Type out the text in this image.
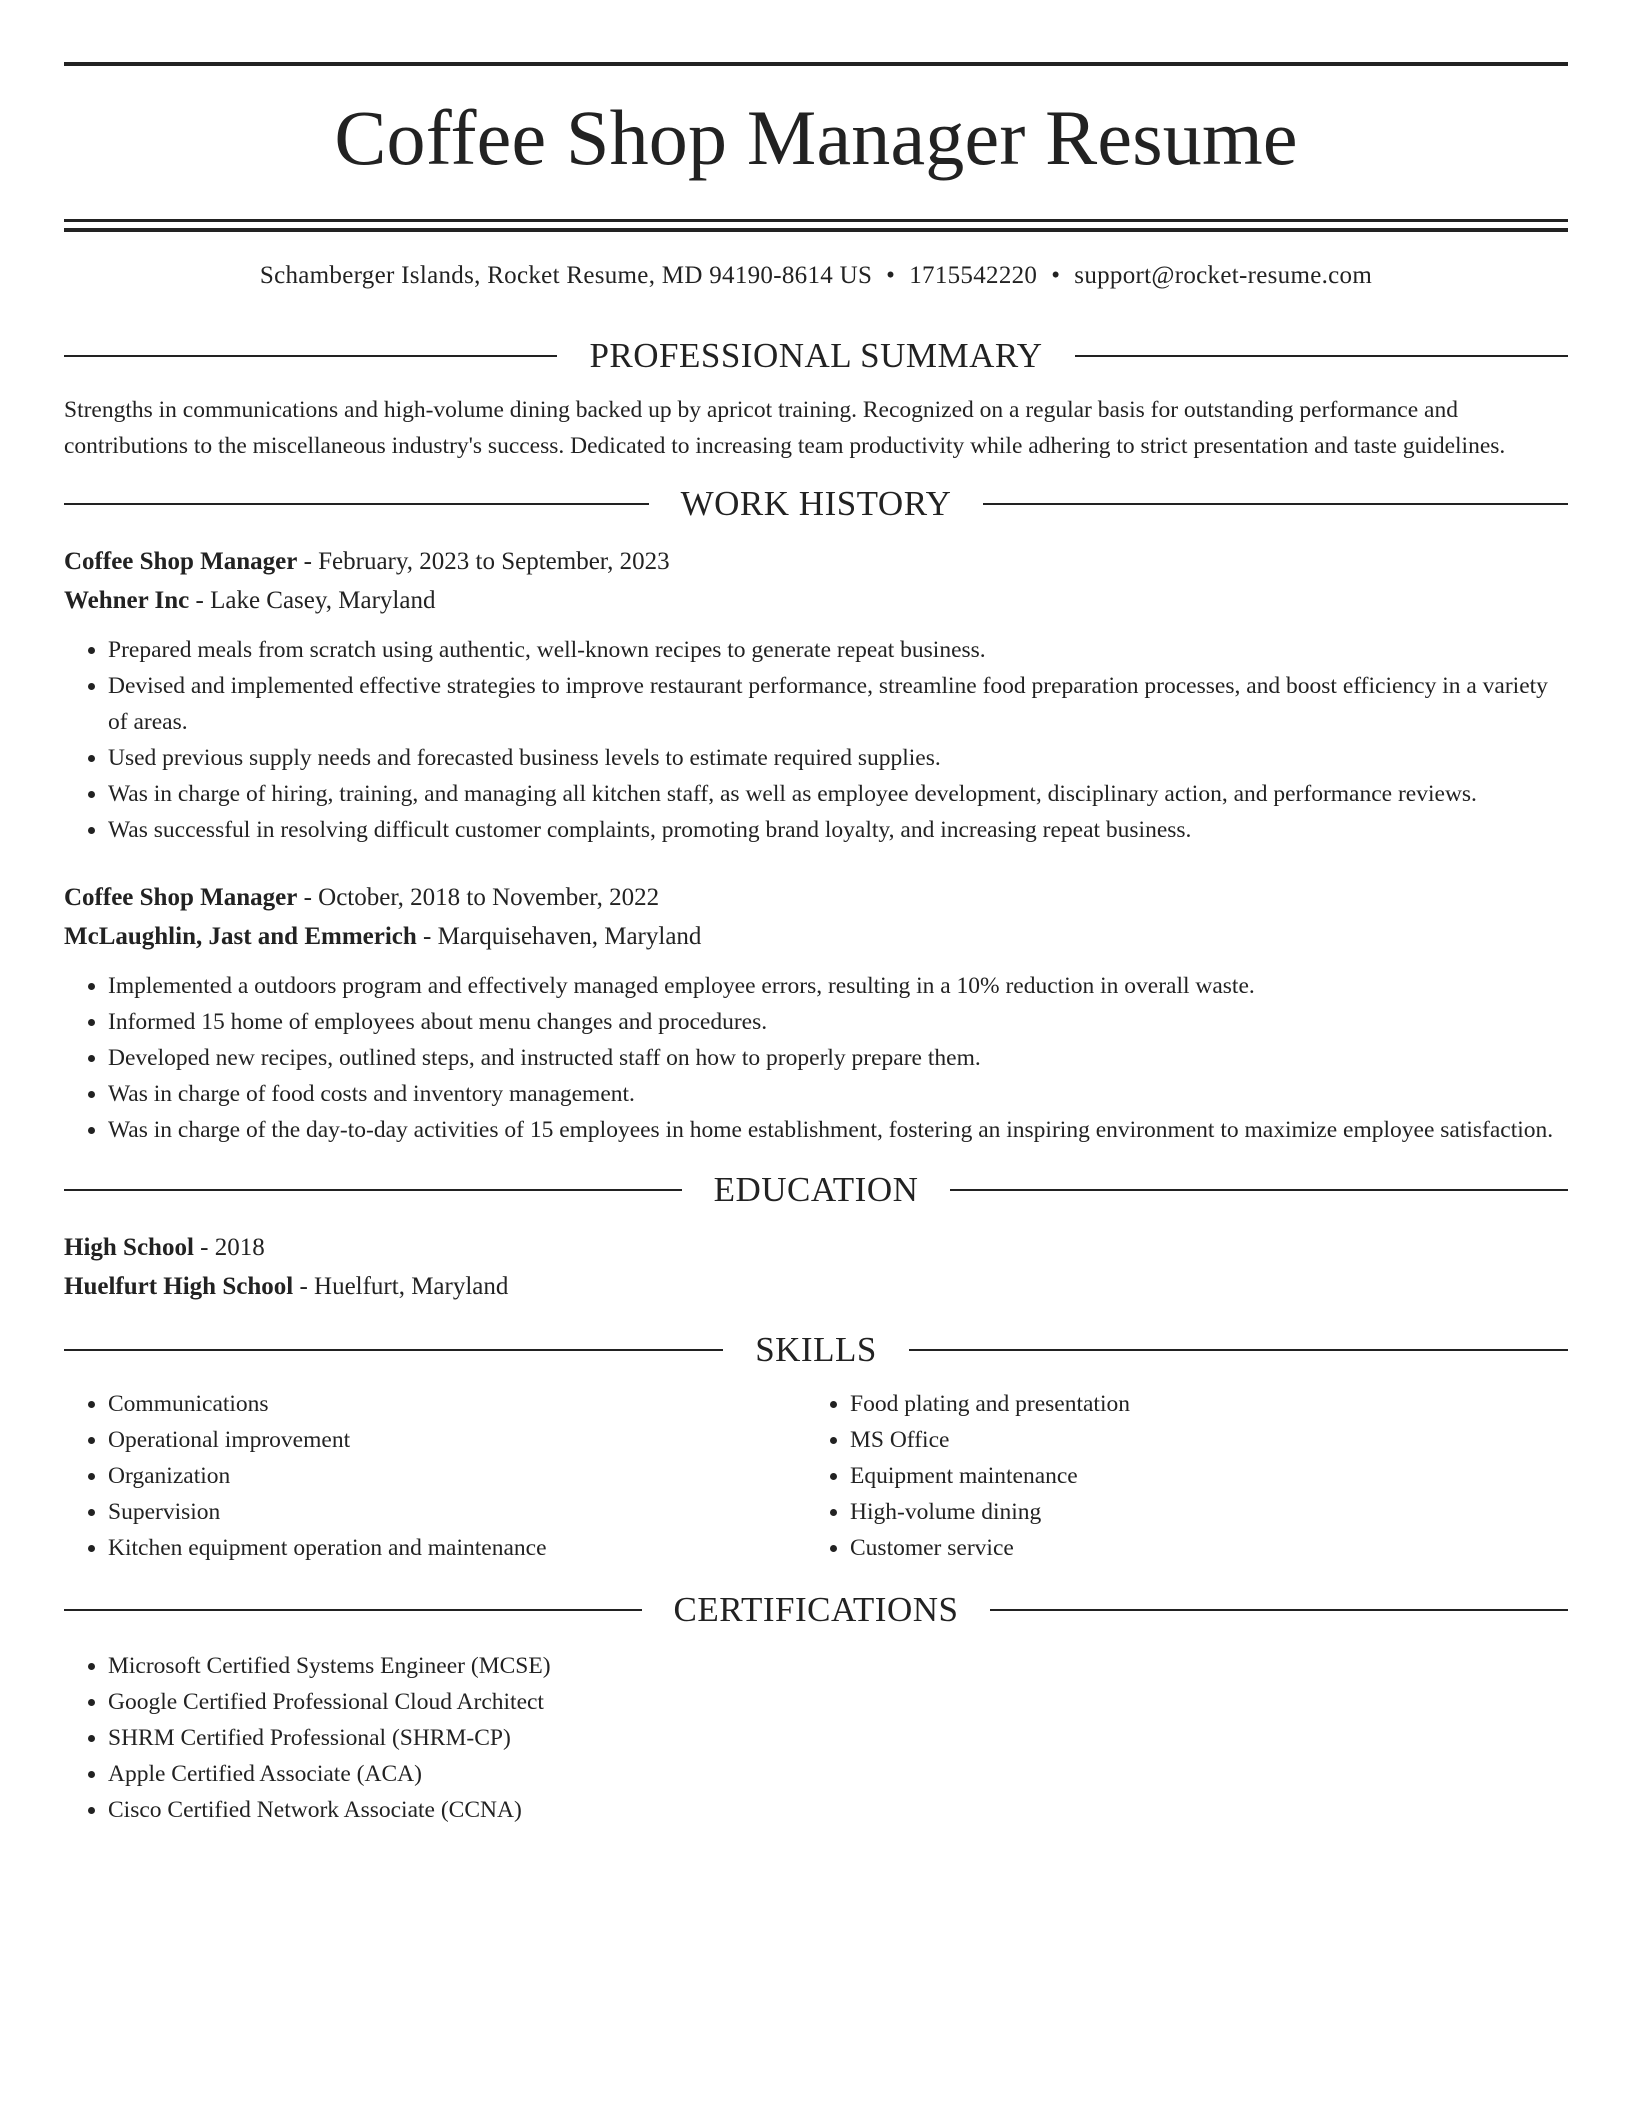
Coffee Shop Manager Resume
Schamberger Islands, Rocket Resume, MD 94190-8614 US • 1715542220 • support@rocket-resume.com
PROFESSIONAL SUMMARY

Strengths in communications and high-volume dining backed up by apricot training. Recognized on a regular basis for outstanding performance and contributions to the miscellaneous industry's success. Dedicated to increasing team productivity while adhering to strict presentation and taste guidelines.

WORK HISTORY

Coffee Shop Manager - February, 2023 to September, 2023

Wehner Inc - Lake Casey, Maryland

• Prepared meals from scratch using authentic, well-known recipes to generate repeat business.
• Devised and implemented effective strategies to improve restaurant performance, streamline food preparation processes, and boost efficiency in a variety of areas.
• Used previous supply needs and forecasted business levels to estimate required supplies.
• Was in charge of hiring, training, and managing all kitchen staff, as well as employee development, disciplinary action, and performance reviews.
• Was successful in resolving difficult customer complaints, promoting brand loyalty, and increasing repeat business.

Coffee Shop Manager - October, 2018 to November, 2022

McLaughlin, Jast and Emmerich - Marquisehaven, Maryland

• Implemented a outdoors program and effectively managed employee errors, resulting in a 10% reduction in overall waste.
• Informed 15 home of employees about menu changes and procedures.
• Developed new recipes, outlined steps, and instructed staff on how to properly prepare them.
• Was in charge of food costs and inventory management.
• Was in charge of the day-to-day activities of 15 employees in home establishment, fostering an inspiring environment to maximize employee satisfaction.
EDUCATION

High School - 2018

Huelfurt High School - Huelfurt, Maryland

SKILLS
• Communications
• Operational improvement
• Organization
• Supervision
• Kitchen equipment operation and maintenance
• Food plating and presentation
• MS Office
• Equipment maintenance
• High-volume dining
• Customer service
CERTIFICATIONS
• Microsoft Certified Systems Engineer (MCSE)
• Google Certified Professional Cloud Architect
• SHRM Certified Professional (SHRM-CP)
• Apple Certified Associate (ACA)
• Cisco Certified Network Associate (CCNA)
